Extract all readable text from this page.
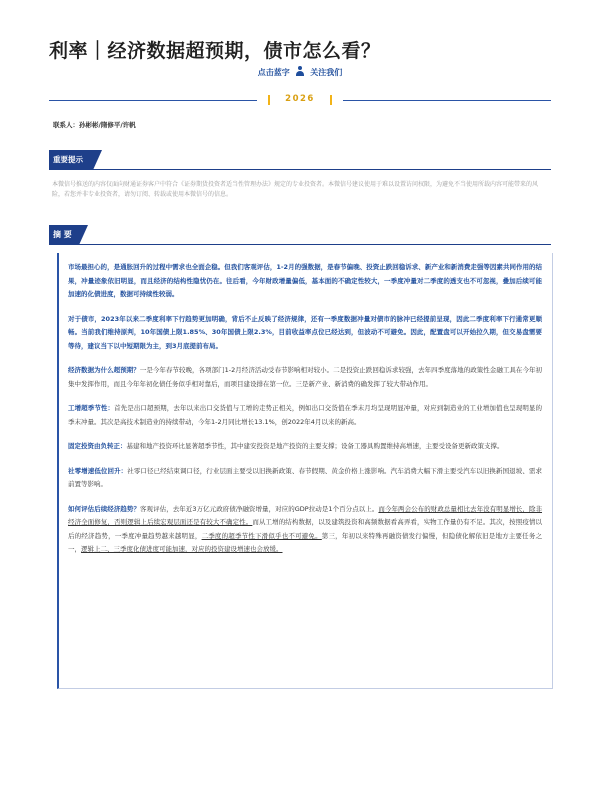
利率｜经济数据超预期，债市怎么看？
点击蓝字	关注我们
2026
联系人：孙彬彬/隋修平/许帆
重要提示
本微信号推送的内容仅面向财通证券客户中符合《证券期货投资者适当性管理办法》规定的专业投资者。本微信号建议使用于难以设置访问权限，为避免不当使用所载内容可能带来的风险，若您并非专业投资者，请勿订阅、转载或使用本微信号的信息。
摘 要

市场最担心的，是通胀回升的过程中需求也全面企稳。但我们客观评估，1-2月的强数据，是春节偏晚、投资止跌回稳诉求、新产业和新消费走强等因素共同作用的结果，冲量迹象依旧明显，而且经济的结构性隐忧仍在。往后看，今年财政增量偏低，基本面的不确定性较大，一季度冲量对二季度的透支也不可忽视，叠加后续可能加速的化债进度，数据可持续性较弱。

对于债市，2023年以来二季度利率下行趋势更加明确，背后不止反映了经济规律，还有一季度数据冲量对债市的脉冲已经提前呈现，因此二季度利率下行通常更顺畅。当前我们维持原判，10年国债上限1.85%、30年国债上限2.3%，目前收益率点位已经达到，但波动不可避免。因此，配置盘可以开始拉久期，但交易盘需要等待，建议当下以中短期限为主，到3月底提前布局。

经济数据为什么超预期？一是今年春节较晚，各项部门1-2月经济活动受春节影响相对较小。二是投资止跌回稳诉求较强，去年四季度落地的政策性金融工具在今年初集中发挥作用，而且今年年初化债任务似乎相对靠后，而项目建设排在第一位。三是新产业、新消费的确发挥了较大带动作用。

工增超季节性：首先是出口超预期，去年以来出口交货值与工增的走势正相关，例如出口交货值在季末月均呈现明显冲量，对应到制造业的工业增加值也呈现明显的季末冲量。其次是高技术制造业的持续带动，今年1-2月同比增长13.1%，创2022年4月以来的新高。

固定投资由负转正：基建和地产投资环比显著超季节性，其中建安投资是地产投资的主要支撑；设备工器具购置维持高增速，主要受设备更新政策支撑。

社零增速低位回升：社零口径已经结束调口径，行业层面主要受以旧换新政策、春节假期、黄金价格上涨影响。汽车消费大幅下滑主要受汽车以旧换新国退坡、需求前置等影响。

如何评估后续经济趋势？客观评估，去年近3万亿元政府债净融资增量，对应的GDP拉动是1个百分点以上。而今年两会公布的财政总量相比去年没有明显增长，除非经济全面修复，否则逻辑上后续宏观层面还是有较大不确定性。而从工增的结构数据，以及建筑投资和高频数据看高弄看，实物工作量仍有不足。其次，按照疫情以后的经济趋势，一季度冲量趋势越来越明显，二季度的超季节性下滑似乎也不可避免。第三，年初以来特殊再融资债发行偏慢，但隐债化解依旧是地方主要任务之一，逻辑上二、三季度化债进度可能加速，对应的投资建设增速也会放缓。
